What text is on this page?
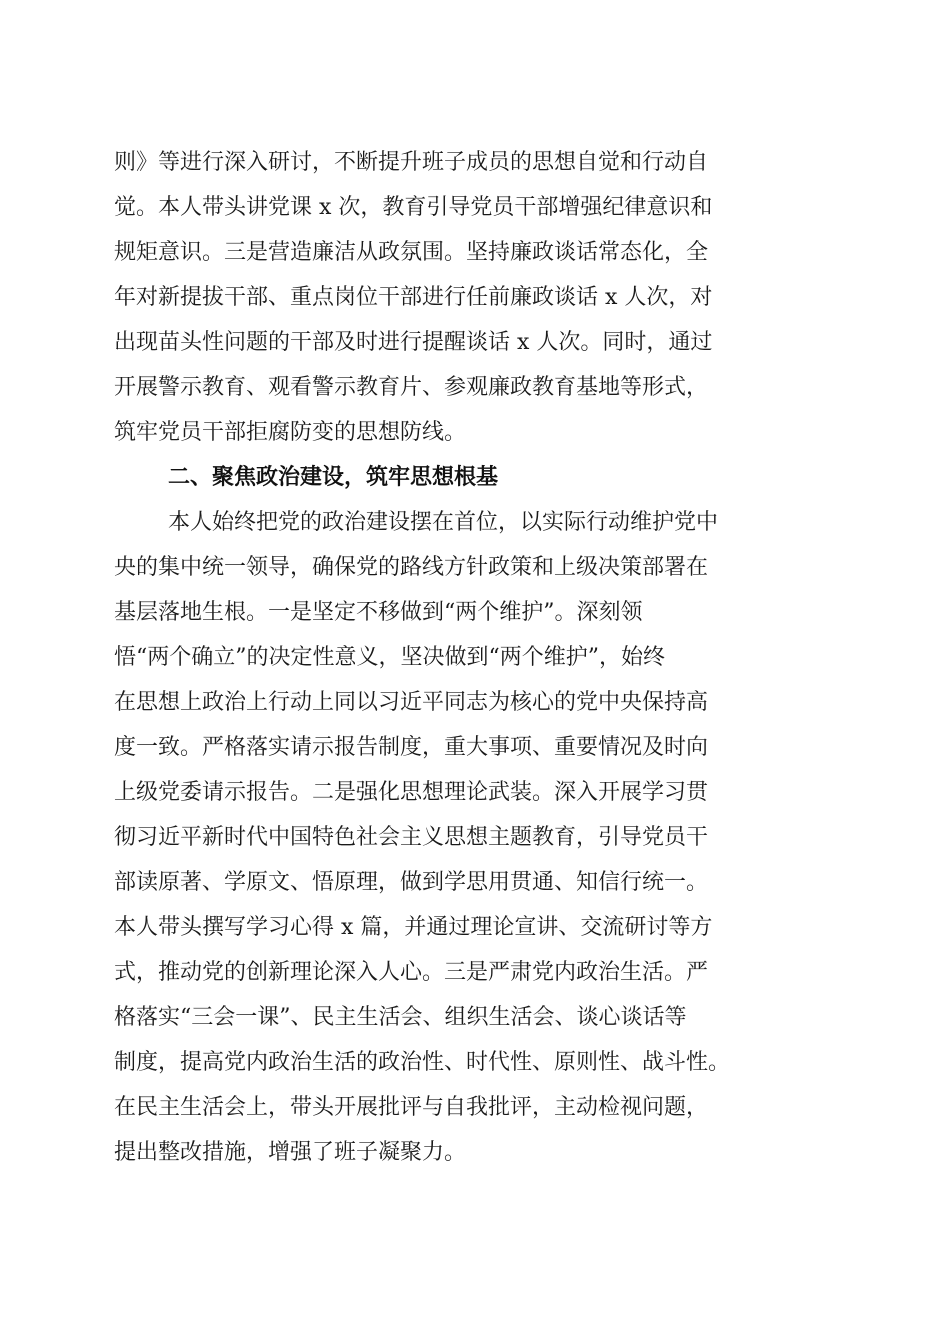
则》等进行深入研讨，不断提升班子成员的思想自觉和行动自
觉。本人带头讲党课 x 次，教育引导党员干部增强纪律意识和
规矩意识。三是营造廉洁从政氛围。坚持廉政谈话常态化，全
年对新提拔干部、重点岗位干部进行任前廉政谈话 x 人次，对
出现苗头性问题的干部及时进行提醒谈话 x 人次。同时，通过
开展警示教育、观看警示教育片、参观廉政教育基地等形式，
筑牢党员干部拒腐防变的思想防线。
二、聚焦政治建设，筑牢思想根基
本人始终把党的政治建设摆在首位，以实际行动维护党中
央的集中统一领导，确保党的路线方针政策和上级决策部署在
基层落地生根。一是坚定不移做到“两个维护”。深刻领
悟“两个确立”的决定性意义，坚决做到“两个维护”，始终
在思想上政治上行动上同以习近平同志为核心的党中央保持高
度一致。严格落实请示报告制度，重大事项、重要情况及时向
上级党委请示报告。二是强化思想理论武装。深入开展学习贯
彻习近平新时代中国特色社会主义思想主题教育，引导党员干
部读原著、学原文、悟原理，做到学思用贯通、知信行统一。
本人带头撰写学习心得 x 篇，并通过理论宣讲、交流研讨等方
式，推动党的创新理论深入人心。三是严肃党内政治生活。严
格落实“三会一课”、民主生活会、组织生活会、谈心谈话等
制度，提高党内政治生活的政治性、时代性、原则性、战斗性。
在民主生活会上，带头开展批评与自我批评，主动检视问题，
提出整改措施，增强了班子凝聚力。
